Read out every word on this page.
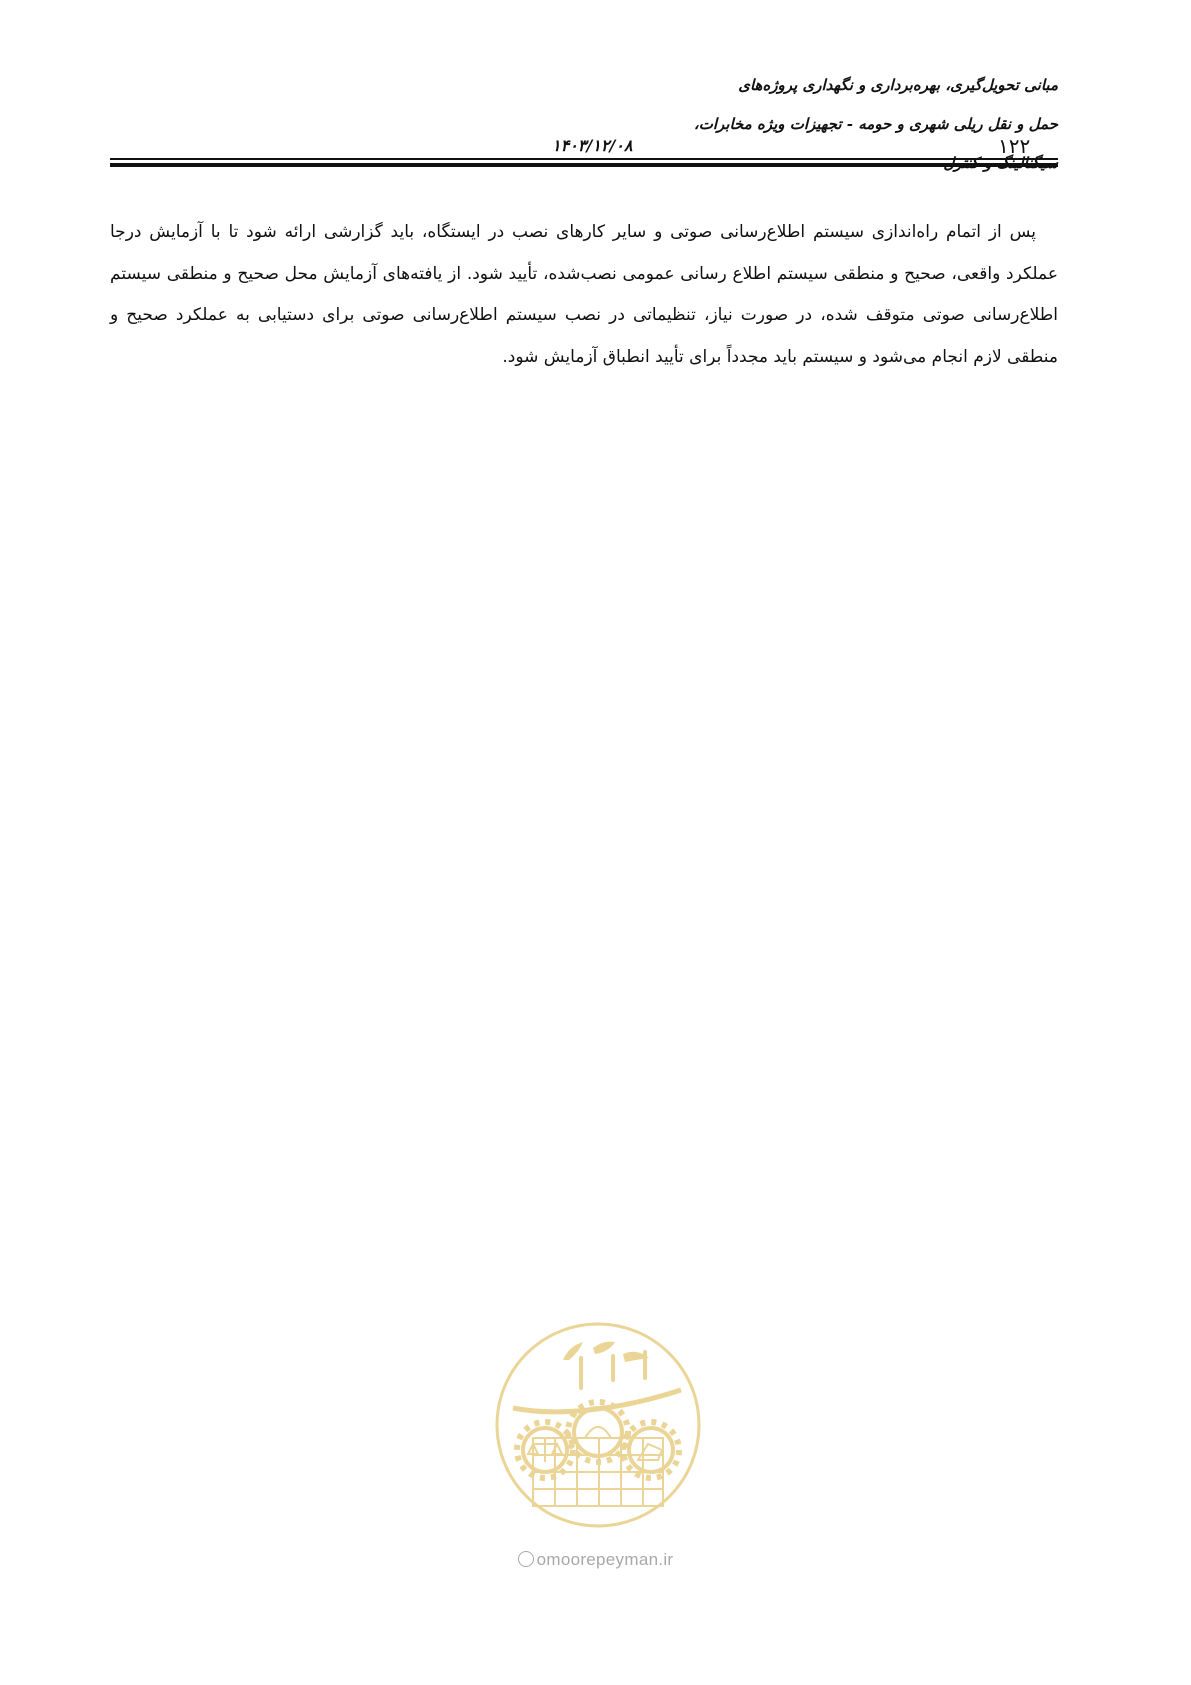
مبانی تحویل‌گیری، بهره‌برداری و نگهداری پروژه‌های
حمل و نقل ریلی شهری و حومه - تجهیزات ویژه مخابرات،
۱۴۰۳/۱۲/۰۸	۱۲۲
پس از اتمام راه‌اندازی سیستم اطلاع‌رسانی صوتی و سایر کارهای نصب در ایستگاه، باید گزارشی ارائه شود تا با آزمایش درجا عملکرد واقعی، صحیح و منطقی سیستم اطلاع رسانی عمومی نصب‌شده، تأیید شود. از یافته‌های آزمایش محل صحیح و منطقی سیستم اطلاع‌رسانی صوتی متوقف شده، در صورت نیاز، تنظیماتی در نصب سیستم اطلاع‌رسانی صوتی برای دستیابی به عملکرد صحیح و منطقی لازم انجام می‌شود و سیستم باید مجدداً برای تأیید انطباق آزمایش شود.
omoorepeyman.ir
